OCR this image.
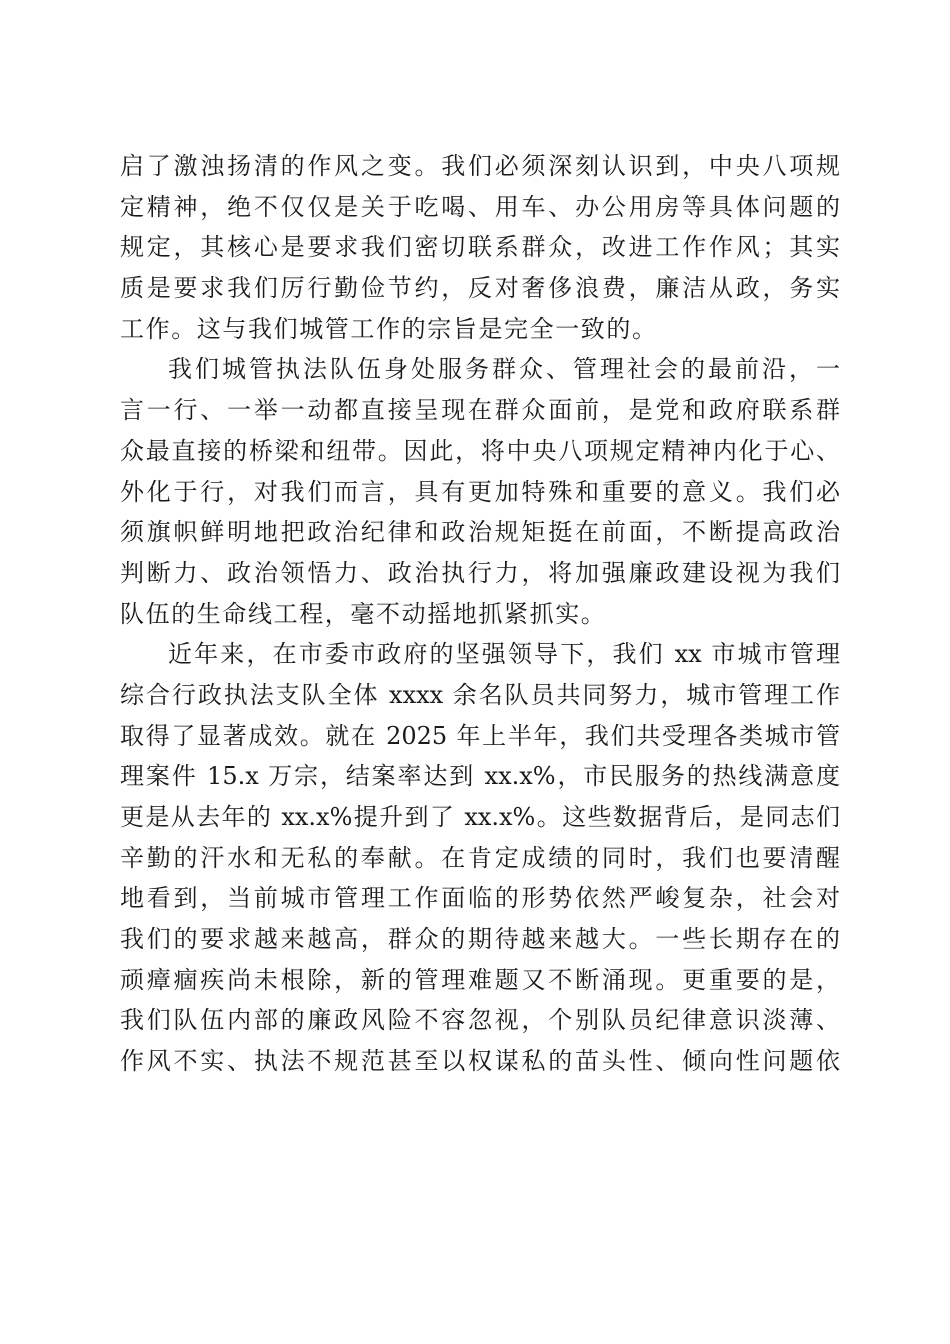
启了激浊扬清的作风之变。我们必须深刻认识到，中央八项规
定精神，绝不仅仅是关于吃喝、用车、办公用房等具体问题的
规定，其核心是要求我们密切联系群众，改进工作作风；其实
质是要求我们厉行勤俭节约，反对奢侈浪费，廉洁从政，务实
工作。这与我们城管工作的宗旨是完全一致的。
我们城管执法队伍身处服务群众、管理社会的最前沿，一
言一行、一举一动都直接呈现在群众面前，是党和政府联系群
众最直接的桥梁和纽带。因此，将中央八项规定精神内化于心、
外化于行，对我们而言，具有更加特殊和重要的意义。我们必
须旗帜鲜明地把政治纪律和政治规矩挺在前面，不断提高政治
判断力、政治领悟力、政治执行力，将加强廉政建设视为我们
队伍的生命线工程，毫不动摇地抓紧抓实。
近年来，在市委市政府的坚强领导下，我们 xx 市城市管理
综合行政执法支队全体 xxxx 余名队员共同努力，城市管理工作
取得了显著成效。就在 2025 年上半年，我们共受理各类城市管
理案件 15.x 万宗，结案率达到 xx.x%，市民服务的热线满意度
更是从去年的 xx.x%提升到了 xx.x%。这些数据背后，是同志们
辛勤的汗水和无私的奉献。在肯定成绩的同时，我们也要清醒
地看到，当前城市管理工作面临的形势依然严峻复杂，社会对
我们的要求越来越高，群众的期待越来越大。一些长期存在的
顽瘴痼疾尚未根除，新的管理难题又不断涌现。更重要的是，
我们队伍内部的廉政风险不容忽视，个别队员纪律意识淡薄、
作风不实、执法不规范甚至以权谋私的苗头性、倾向性问题依
